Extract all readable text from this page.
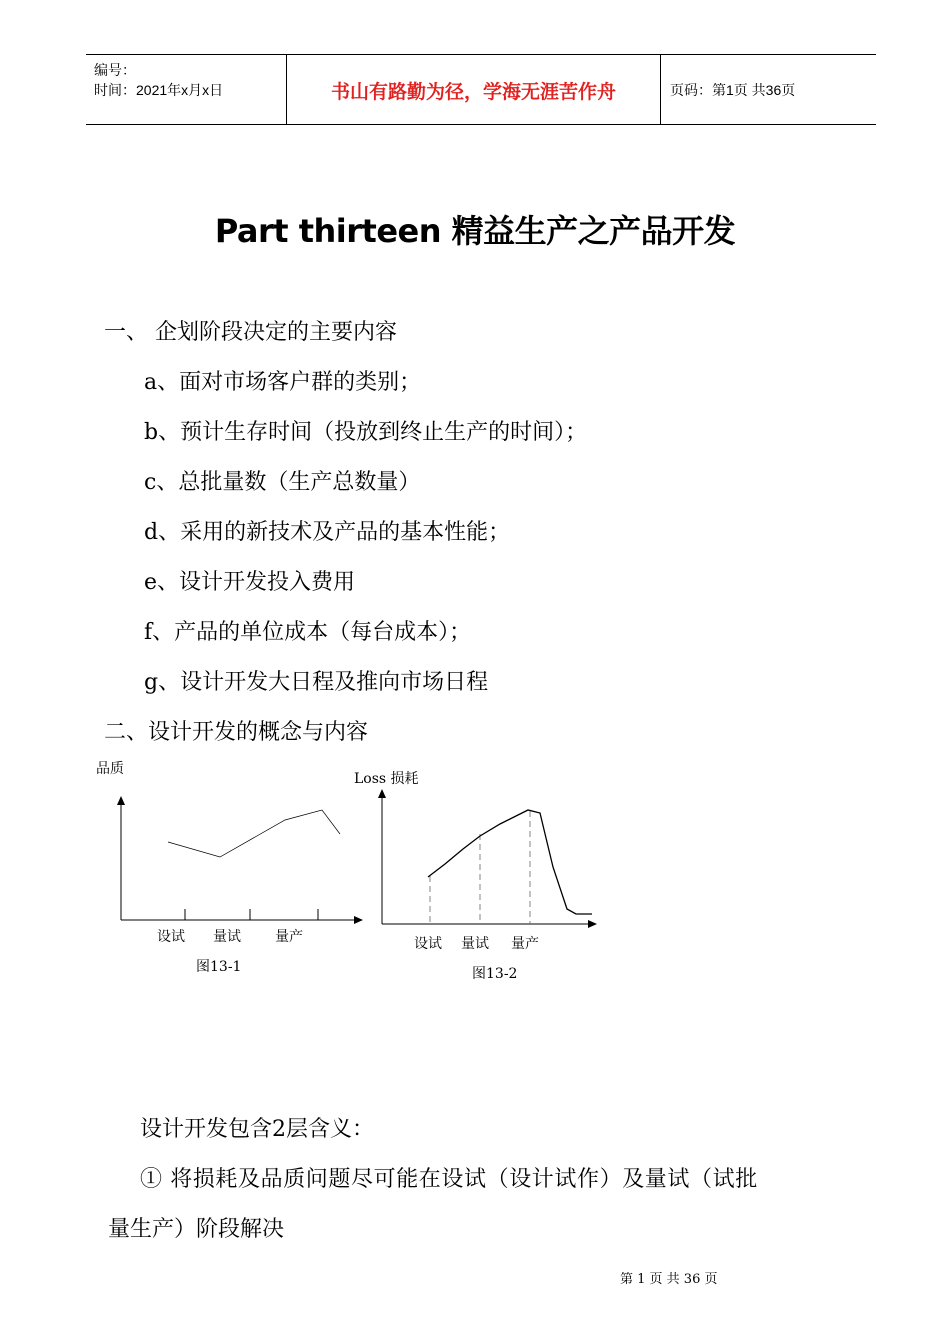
编号：
时间：2021年x月x日	书山有路勤为径，学海无涯苦作舟	页码：第1页 共36页
Part thirteen 精益生产之产品开发
一、 企划阶段决定的主要内容
a、面对市场客户群的类别；
b、预计生存时间（投放到终止生产的时间）；
c、总批量数（生产总数量）
d、采用的新技术及产品的基本性能；
e、设计开发投入费用
f、产品的单位成本（每台成本）；
g、设计开发大日程及推向市场日程
二、设计开发的概念与内容
品质
设试 量试 量产
图13-1
Loss 损耗
设试 量试 量产
图13-2
设计开发包含2层含义：
① 将损耗及品质问题尽可能在设试（设计试作）及量试（试批
量生产）阶段解决
第 1 页 共 36 页
